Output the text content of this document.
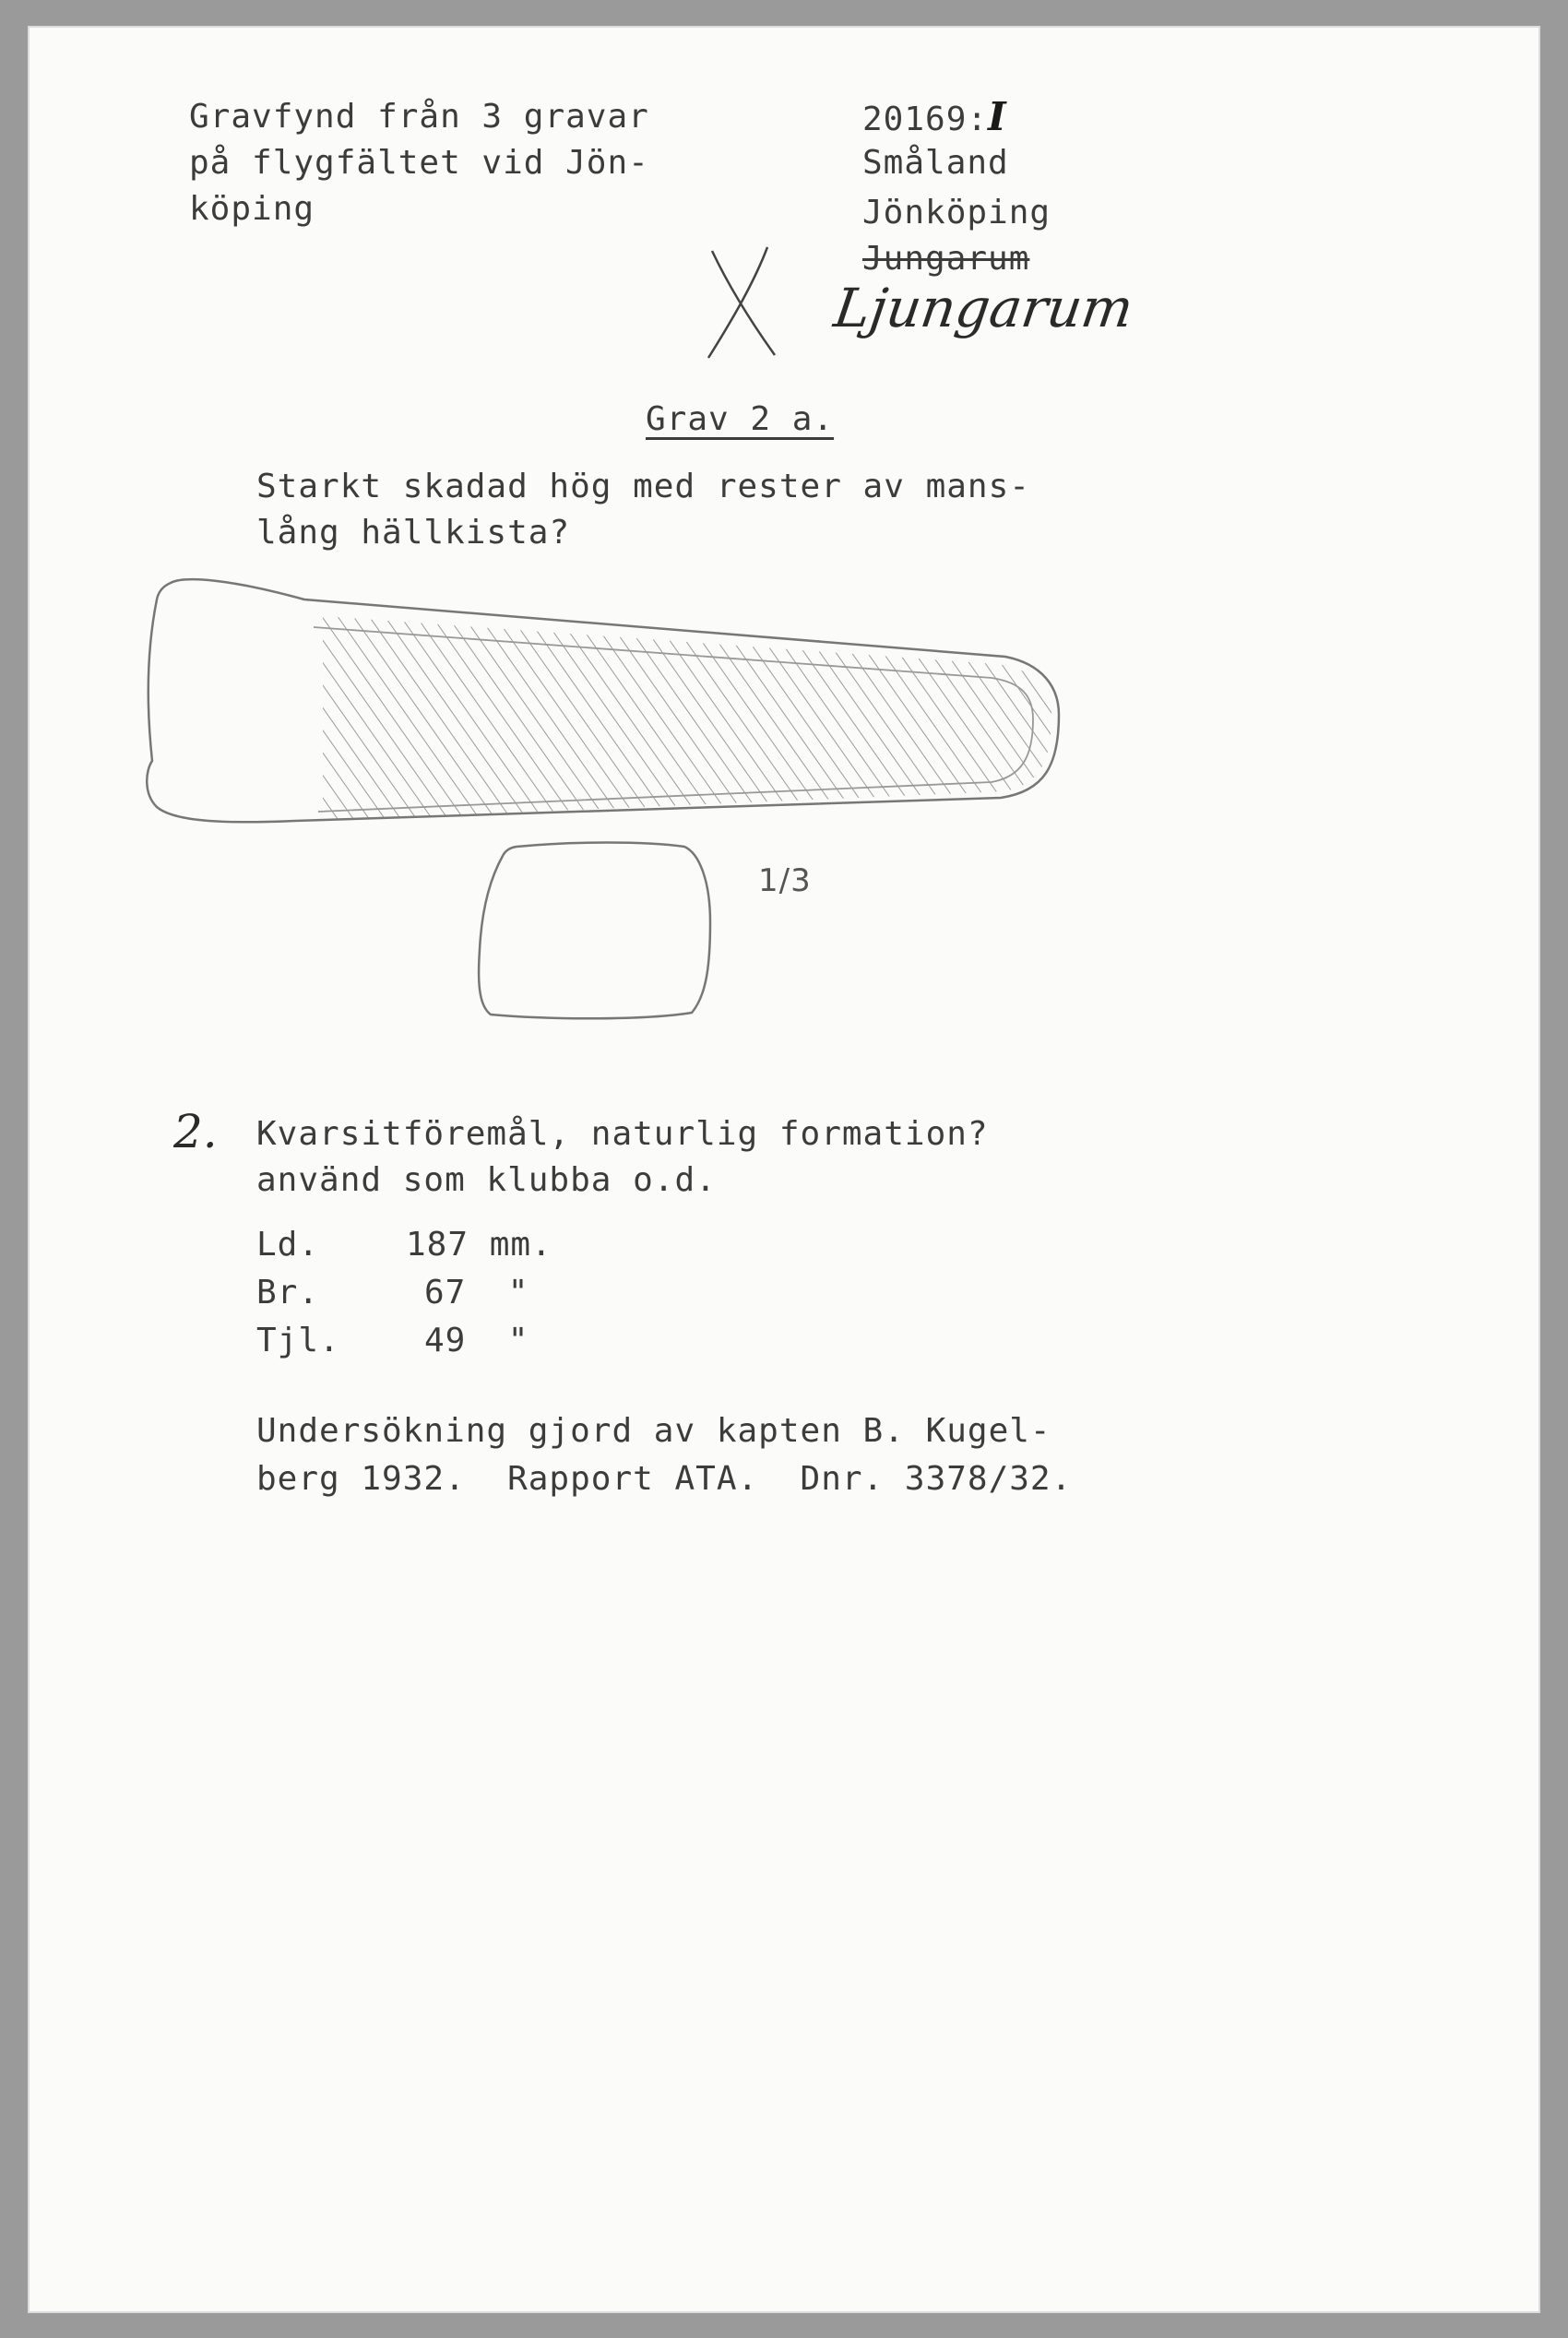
Gravfynd från 3 gravar
på flygfältet vid Jön-
köping
20169:I
Småland
Jönköping
Jungarum
Ljungarum
Grav 2 a.
Starkt skadad hög med rester av mans-
lång hällkista?
1/3
2. Kvarsitföremål, naturlig formation?
använd som klubba o.d.
Ld.	187 mm.
Br.	67  "
Tjl.	49  "
Undersökning gjord av kapten B. Kugel-
berg 1932.  Rapport ATA.  Dnr. 3378/32.
